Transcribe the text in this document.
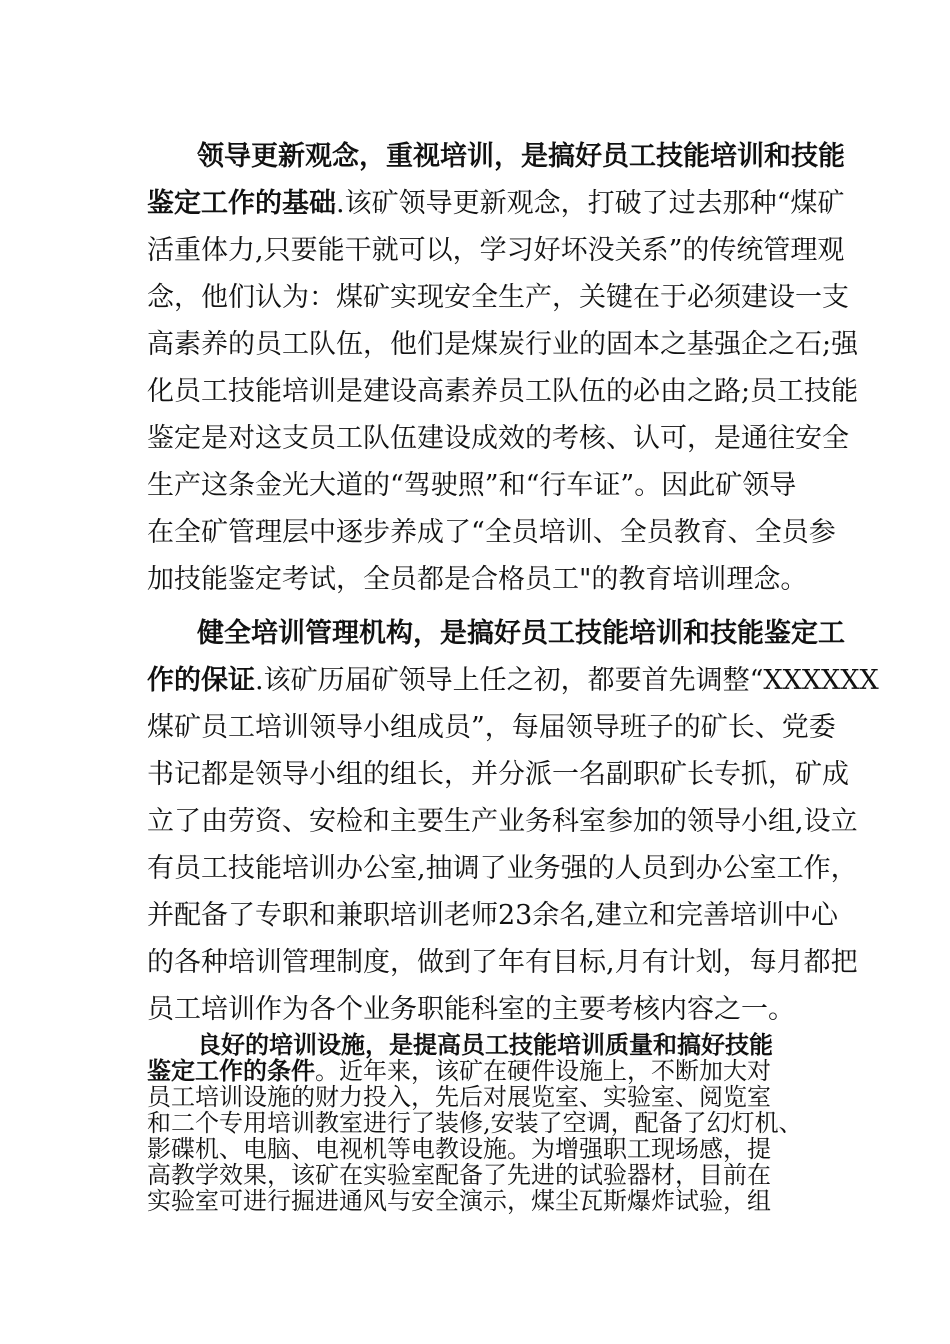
领导更新观念，重视培训，是搞好员工技能培训和技能
鉴定工作的基础.该矿领导更新观念，打破了过去那种“煤矿
活重体力,只要能干就可以，学习好坏没关系”的传统管理观
念，他们认为：煤矿实现安全生产，关键在于必须建设一支
高素养的员工队伍，他们是煤炭行业的固本之基强企之石;强
化员工技能培训是建设高素养员工队伍的必由之路;员工技能
鉴定是对这支员工队伍建设成效的考核、认可，是通往安全
生产这条金光大道的“驾驶照”和“行车证”。因此矿领导
在全矿管理层中逐步养成了“全员培训、全员教育、全员参
加技能鉴定考试，全员都是合格员工"的教育培训理念。
健全培训管理机构，是搞好员工技能培训和技能鉴定工
作的保证.该矿历届矿领导上任之初，都要首先调整“XXXXXX
煤矿员工培训领导小组成员”，每届领导班子的矿长、党委
书记都是领导小组的组长，并分派一名副职矿长专抓，矿成
立了由劳资、安检和主要生产业务科室参加的领导小组,设立
有员工技能培训办公室,抽调了业务强的人员到办公室工作，
并配备了专职和兼职培训老师23余名,建立和完善培训中心
的各种培训管理制度，做到了年有目标,月有计划，每月都把
员工培训作为各个业务职能科室的主要考核内容之一。
良好的培训设施，是提高员工技能培训质量和搞好技能
鉴定工作的条件。近年来，该矿在硬件设施上，不断加大对
员工培训设施的财力投入，先后对展览室、实验室、阅览室
和二个专用培训教室进行了装修,安装了空调，配备了幻灯机、
影碟机、电脑、电视机等电教设施。为增强职工现场感，提
高教学效果，该矿在实验室配备了先进的试验器材，目前在
实验室可进行掘进通风与安全演示，煤尘瓦斯爆炸试验，组
